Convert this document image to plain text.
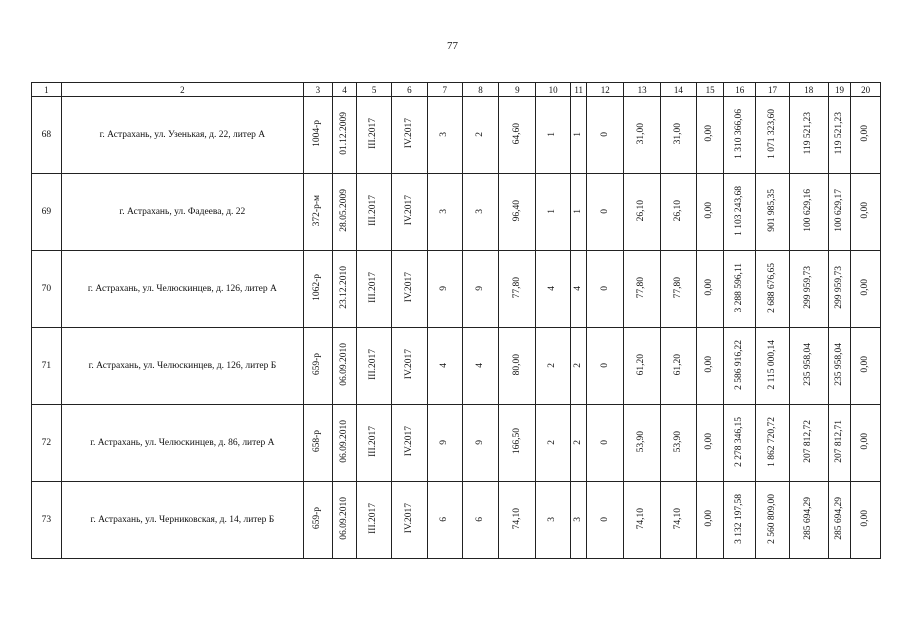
77
1	2	3	4	5	6	7	8	9	10	11	12	13	14	15	16	17	18	19	20
68	г. Астрахань, ул. Узенькая, д. 22, литер А	1004-р	01.12.2009	III.2017	IV.2017	3	2	64,60	1	1	0	31,00	31,00	0,00	1 310 366,06	1 071 323,60	119 521,23	119 521,23	0,00
69	г. Астрахань, ул. Фадеева, д. 22	372-р-м	28.05.2009	III.2017	IV.2017	3	3	96,40	1	1	0	26,10	26,10	0,00	1 103 243,68	901 985,35	100 629,16	100 629,17	0,00
70	г. Астрахань, ул. Челюскинцев, д. 126, литер А	1062-р	23.12.2010	III.2017	IV.2017	9	9	77,80	4	4	0	77,80	77,80	0,00	3 288 596,11	2 688 676,65	299 959,73	299 959,73	0,00
71	г. Астрахань, ул. Челюскинцев, д. 126, литер Б	659-р	06.09.2010	III.2017	IV.2017	4	4	80,00	2	2	0	61,20	61,20	0,00	2 586 916,22	2 115 000,14	235 958,04	235 958,04	0,00
72	г. Астрахань, ул. Челюскинцев, д. 86, литер А	658-р	06.09.2010	III.2017	IV.2017	9	9	166,50	2	2	0	53,90	53,90	0,00	2 278 346,15	1 862 720,72	207 812,72	207 812,71	0,00
73	г. Астрахань, ул. Черниковская, д. 14, литер Б	659-р	06.09.2010	III.2017	IV.2017	6	6	74,10	3	3	0	74,10	74,10	0,00	3 132 197,58	2 560 809,00	285 694,29	285 694,29	0,00
